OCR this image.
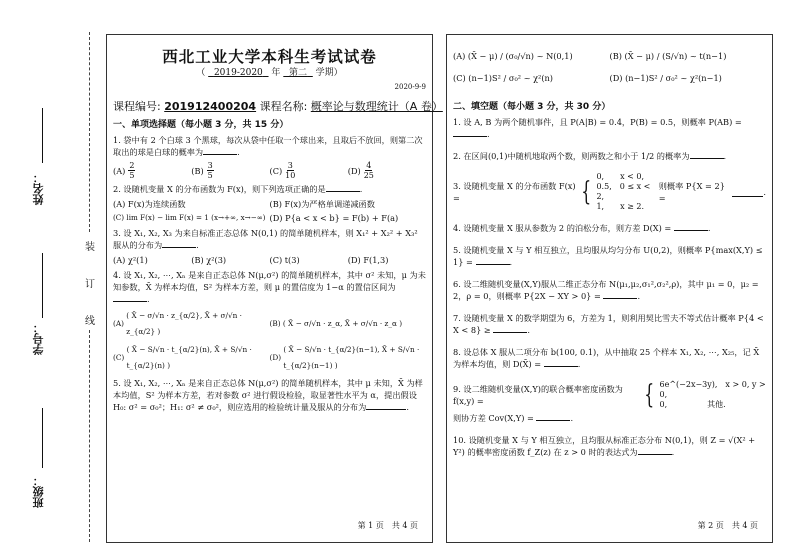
装
订
线
姓名：
学号：
班级：
西北工业大学本科生考试试卷
（ 2019-2020 年 第二 学期）
2020-9-9
课程编号: 201912400204 课程名称: 概率论与数理统计（A 卷）
一、单项选择题（每小题 3 分，共 15 分）
1. 袋中有 2 个白球 3 个黑球，每次从袋中任取一个球出来，且取后不放回，则第二次取出的球是白球的概率为	.
$(A) \frac{2}{5}$	$(B) \frac{3}{5}$	$(C) \frac{3}{10}$	$(D) \frac{4}{25}$
2. 设随机变量 X 的分布函数为 F(x)，则下列选项正确的是	.
(A)
F(x)为连续函数	(B)
F(x)为严格单调递减函数
(C)
lim F(x) − lim F(x) = 1 (x→+∞, x→−∞) (D)
P{a < x < b} = F(b) + F(a)
3. 设 X₁, X₂, X₃ 为来自标准正态总体 N(0,1) 的简单随机样本，则 X₁² + X₂² + X₃² 服从的分布为	.
(A)
χ²(1)	(B)
χ²(3)	(C)
t(3)	(D)
F(1,3)
4. 设 X₁, X₂, ⋯, Xₙ 是来自正态总体 N(μ,σ²) 的简单随机样本，其中 σ² 未知，μ 为未知参数，X̄ 为样本均值，S² 为样本方差，则 μ 的置信度为 1−α 的置信区间为.
(A)

( X̄ − σ/√n · z_{α/2}, X̄ + σ/√n · z_{α/2} )
(B)
( X̄ − σ/√n · z_α, X̄ + σ/√n · z_α )
(C)

( X̄ − S/√n · t_{α/2}(n), X̄ + S/√n · t_{α/2}(n) )
(D)

( X̄ − S/√n · t_{α/2}(n−1), X̄ + S/√n · t_{α/2}(n−1) )
5. 设 X₁, X₂, ⋯, Xₙ 是来自正态总体 N(μ,σ²) 的简单随机样本，其中 μ 未知，X̄ 为样本均值，S² 为样本方差，若对参数 σ² 进行假设检验，取显著性水平为 α，提出假设 H₀: σ² = σ₀²；H₁: σ² ≠ σ₀²，则应选用的检验统计量及服从的分布为	.
第 1 页　共 4 页
(A)
(X̄ − μ) / (σ₀/√n) ~ N(0,1)	(B)
(X̄ − μ) / (S/√n) ~ t(n−1)
(C)
(n−1)S² / σ₀² ~ χ²(n)	(D)
(n−1)S² / σ₀² ~ χ²(n−1)
二、填空题（每小题 3 分，共 30 分）
1. 设 A, B 为两个随机事件，且 P(A|B) = 0.4，P(B) = 0.5，则概率 P(AB) = .
2. 在区间(0,1)中随机地取两个数，则两数之和小于 1/2 的概率为	.
3. 设随机变量 X 的分布函数 F(x) =	{
0,　　x < 0,
0.5,　0 ≤ x < 2,
1,　　x ≥ 2.

则概率 P{X = 2} =

.
4. 设随机变量 X 服从参数为 2 的泊松分布，则方差 D(X) =	.
5. 设随机变量 X 与 Y 相互独立，且均服从均匀分布 U(0,2)，则概率 P{max(X,Y) ≤ 1} =	.
6. 设二维随机变量(X,Y)服从二维正态分布 N(μ₁,μ₂,σ₁²,σ₂²,ρ)，其中 μ₁ = 0，μ₂ = 2，ρ = 0，则概率 P{2X − XY > 0} =	.
7. 设随机变量 X 的数学期望为 6，方差为 1，则利用契比雪夫不等式估计概率 P{4 < X < 8} ≥	.
8. 设总体 X 服从二项分布 b(100, 0.1)，从中抽取 25 个样本 X₁, X₂, ⋯, X₂₅，记 X̄ 为样本均值，则 D(X̄) =	.
9. 设二维随机变量(X,Y)的联合概率密度函数为 f(x,y) =	{ 6e^(−2x−3y),　x > 0, y > 0,
0,　　　　　其他.
则协方差 Cov(X,Y) =	.
10. 设随机变量 X 与 Y 相互独立，且均服从标准正态分布 N(0,1)，则 Z = √(X² + Y²) 的概率密度函数 f_Z(z) 在 z > 0 时的表达式为	.
第 2 页　共 4 页
